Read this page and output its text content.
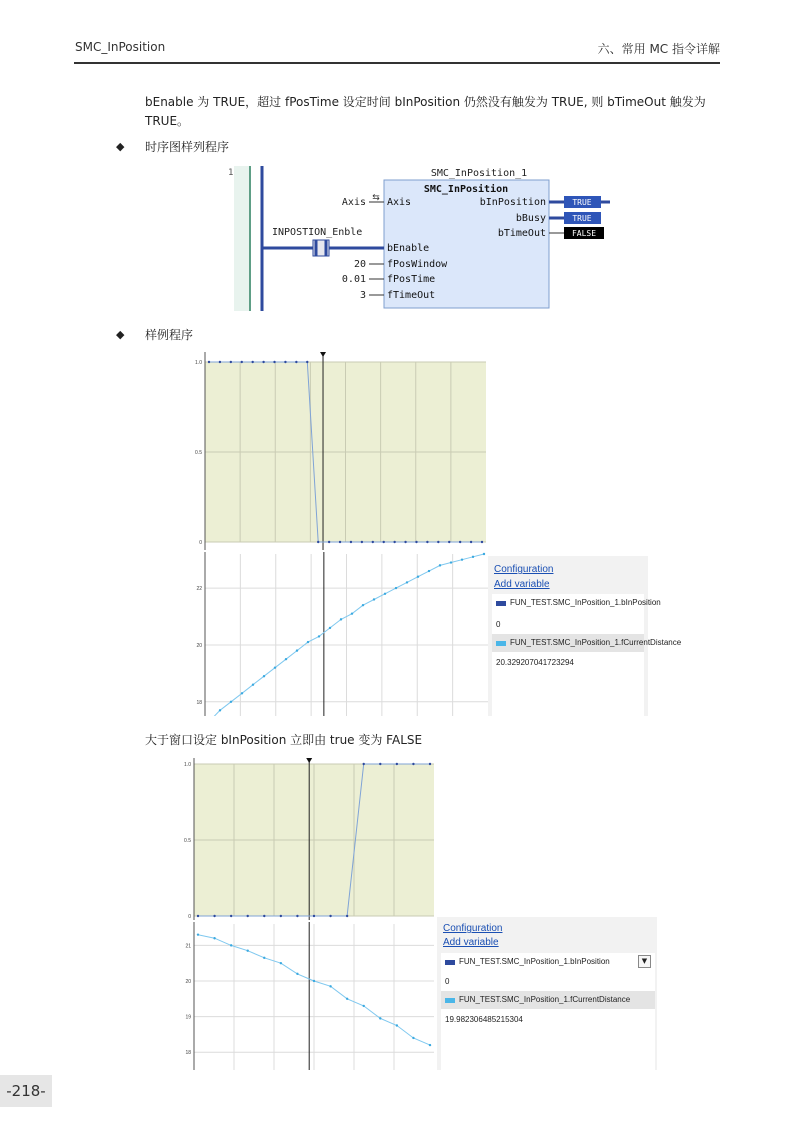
SMC_InPosition	六、常用 MC 指令详解
bEnable 为 TRUE，超过 fPosTime 设定时间 bInPosition 仍然没有触发为 TRUE, 则 bTimeOut 触发为
TRUE。
◆ 时序图样列程序
1	SMC_InPosition_1
SMC_InPosition
Axis ⇆ Axis
INPOSTION_Enble
bEnable
20 fPosWindow
0.01 fPosTime
3 fTimeOut
bInPosition	TRUE
bBusy	TRUE
bTimeOut	FALSE
◆ 样例程序
1.0
0.5
0
22
20
18
Configuration
Add variable
FUN_TEST.SMC_InPosition_1.bInPosition
0
FUN_TEST.SMC_InPosition_1.fCurrentDistance
20.329207041723294
大于窗口设定 bInPosition 立即由 true 变为 FALSE
1.0
0.5
0
21
20
19
18
Configuration
Add variable
FUN_TEST.SMC_InPosition_1.bInPosition	▼
0
FUN_TEST.SMC_InPosition_1.fCurrentDistance
19.982306485215304
-218-
